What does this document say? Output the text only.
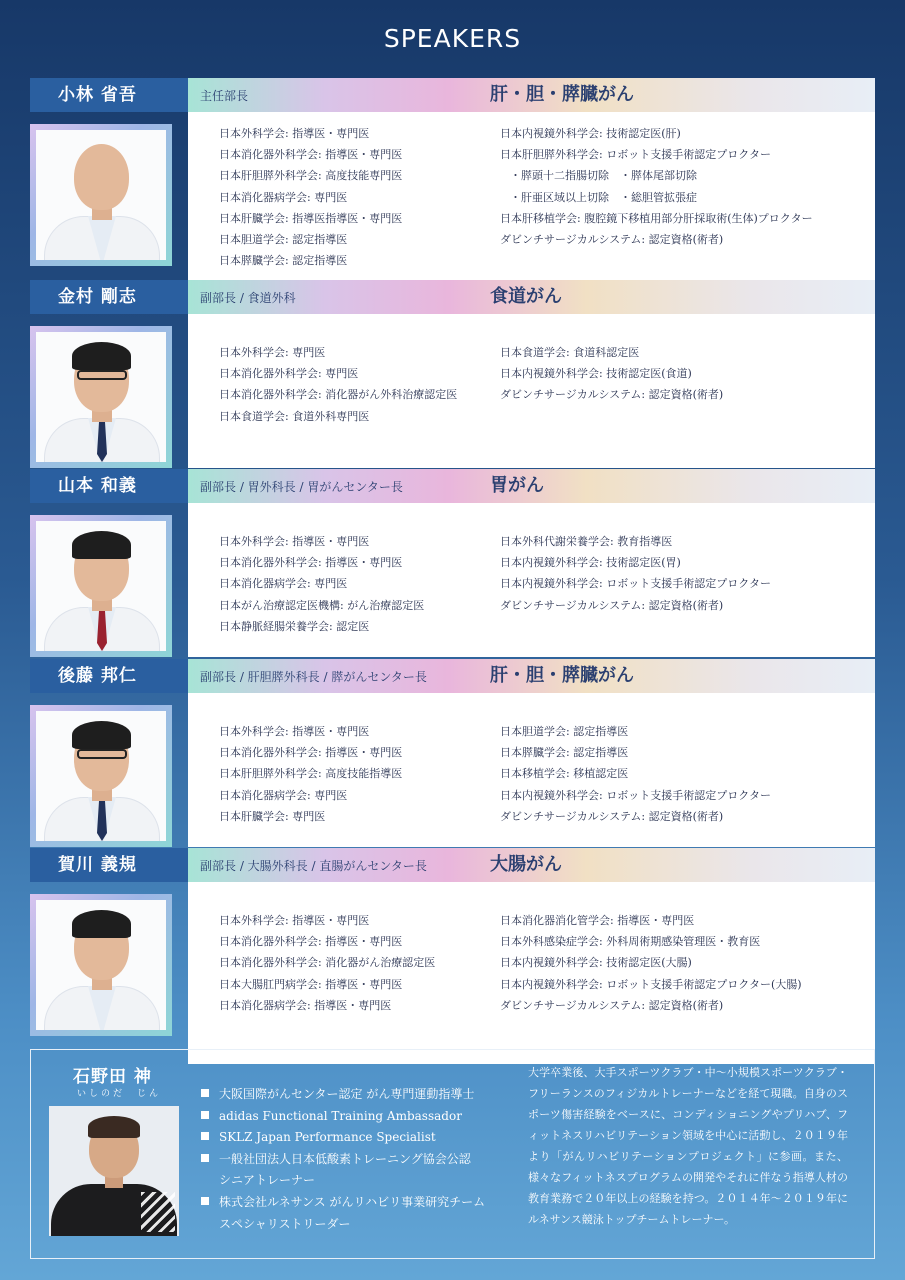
SPEAKERS
小林 省吾	主任部長	肝・胆・膵臓がん
日本外科学会: 指導医・専門医
日本消化器外科学会: 指導医・専門医
日本肝胆膵外科学会: 高度技能専門医
日本消化器病学会: 専門医
日本肝臓学会: 指導医指導医・専門医
日本胆道学会: 認定指導医
日本膵臓学会: 認定指導医
日本内視鏡外科学会: 技術認定医(肝)
日本肝胆膵外科学会: ロボット支援手術認定プロクター
・膵頭十二指腸切除　・膵体尾部切除
・肝亜区域以上切除　・総胆管拡張症
日本肝移植学会: 腹腔鏡下移植用部分肝採取術(生体)プロクター
ダビンチサージカルシステム: 認定資格(術者)
金村 剛志	副部長 / 食道外科	食道がん
日本外科学会: 専門医
日本消化器外科学会: 専門医
日本消化器外科学会: 消化器がん外科治療認定医
日本食道学会: 食道外科専門医
日本食道学会: 食道科認定医
日本内視鏡外科学会: 技術認定医(食道)
ダビンチサージカルシステム: 認定資格(術者)
山本 和義	副部長 / 胃外科長 / 胃がんセンター長	胃がん
日本外科学会: 指導医・専門医
日本消化器外科学会: 指導医・専門医
日本消化器病学会: 専門医
日本がん治療認定医機構: がん治療認定医
日本静脈経腸栄養学会: 認定医
日本外科代謝栄養学会: 教育指導医
日本内視鏡外科学会: 技術認定医(胃)
日本内視鏡外科学会: ロボット支援手術認定プロクター
ダビンチサージカルシステム: 認定資格(術者)
後藤 邦仁	副部長 / 肝胆膵外科長 / 膵がんセンター長	肝・胆・膵臓がん
日本外科学会: 指導医・専門医
日本消化器外科学会: 指導医・専門医
日本肝胆膵外科学会: 高度技能指導医
日本消化器病学会: 専門医
日本肝臓学会: 専門医
日本胆道学会: 認定指導医
日本膵臓学会: 認定指導医
日本移植学会: 移植認定医
日本内視鏡外科学会: ロボット支援手術認定プロクター
ダビンチサージカルシステム: 認定資格(術者)
賀川 義規	副部長 / 大腸外科長 / 直腸がんセンター長	大腸がん
日本外科学会: 指導医・専門医
日本消化器外科学会: 指導医・専門医
日本消化器外科学会: 消化器がん治療認定医
日本大腸肛門病学会: 指導医・専門医
日本消化器病学会: 指導医・専門医
日本消化器消化管学会: 指導医・専門医
日本外科感染症学会: 外科周術期感染管理医・教育医
日本内視鏡外科学会: 技術認定医(大腸)
日本内視鏡外科学会: ロボット支援手術認定プロクター(大腸)
ダビンチサージカルシステム: 認定資格(術者)
石野田 神
いしのだ　じん	大阪国際がんセンター認定 がん専門運動指導士
adidas Functional Training Ambassador
SKLZ Japan Performance Specialist
一般社団法人日本低酸素トレーニング協会公認
シニアトレーナー
株式会社ルネサンス がんリハビリ事業研究チーム
スペシャリストリーダー
大学卒業後、大手スポーツクラブ・中〜小規模スポーツクラブ・フリーランスのフィジカルトレーナーなどを経て現職。自身のスポーツ傷害経験をベースに、コンディショニングやプリハブ、フィットネスリハビリテーション領域を中心に活動し、２０１９年より「がんリハビリテーションプロジェクト」に参画。また、様々なフィットネスプログラムの開発やそれに伴なう指導人材の教育業務で２０年以上の経験を持つ。２０１４年〜２０１９年にルネサンス競泳トップチームトレーナー。
